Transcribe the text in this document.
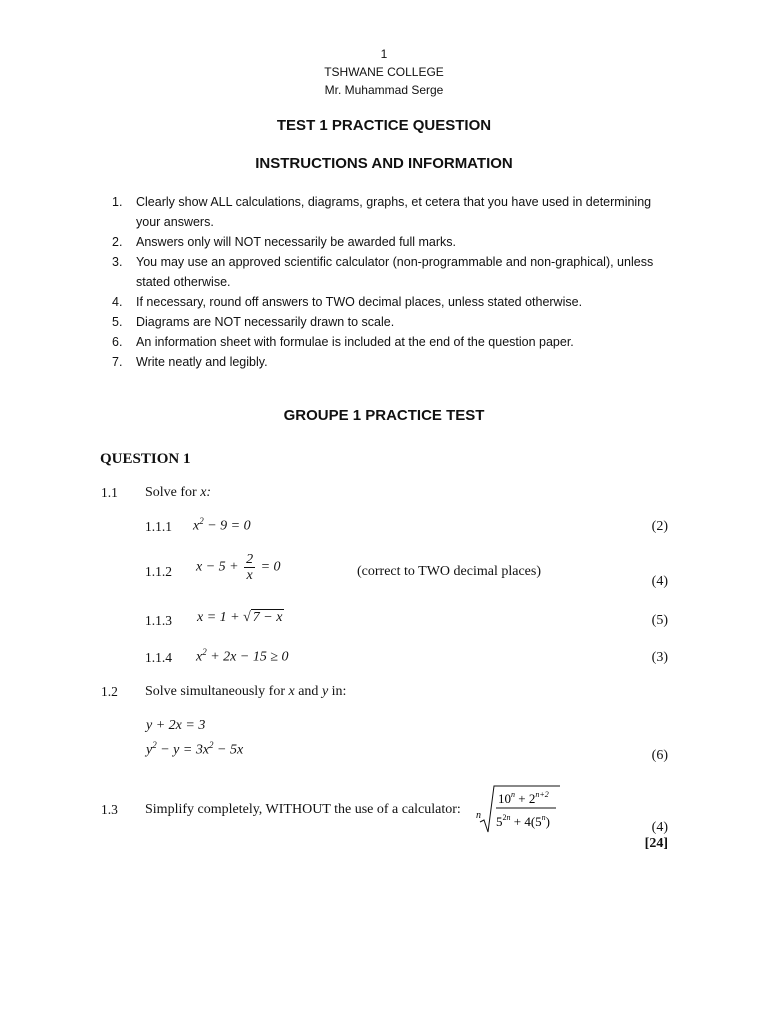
1
TSHWANE COLLEGE
Mr. Muhammad Serge
TEST 1 PRACTICE QUESTION
INSTRUCTIONS AND INFORMATION
1.	Clearly show ALL calculations, diagrams, graphs, et cetera that you have used in determining your answers.
2.	Answers only will NOT necessarily be awarded full marks.
3.	You may use an approved scientific calculator (non-programmable and non-graphical), unless stated otherwise.
4.	If necessary, round off answers to TWO decimal places, unless stated otherwise.
5.	Diagrams are NOT necessarily drawn to scale.
6.	An information sheet with formulae is included at the end of the question paper.
7.	Write neatly and legibly.
GROUPE 1 PRACTICE TEST
QUESTION 1
1.1 Solve for x:
1.1.1 $x^2 - 9 = 0$	(2)
1.1.2 $x - 5 + \frac{2}{x} = 0$	(correct to TWO decimal places)
(4)
1.1.3 x = 1 + √ 7 − x	(5)
1.1.4 $x^2 + 2x - 15 \ge 0$	(3)
1.2 Solve simultaneously for x and y in:
y + 2x = 3
$y^2 - y = 3x^2 - 5x$	(6)
1.3 Simplify completely, WITHOUT the use of a calculator: n
$10^n + 2^{n+2}$
$5^2n + 4(5^n)$	(4)
[24]
